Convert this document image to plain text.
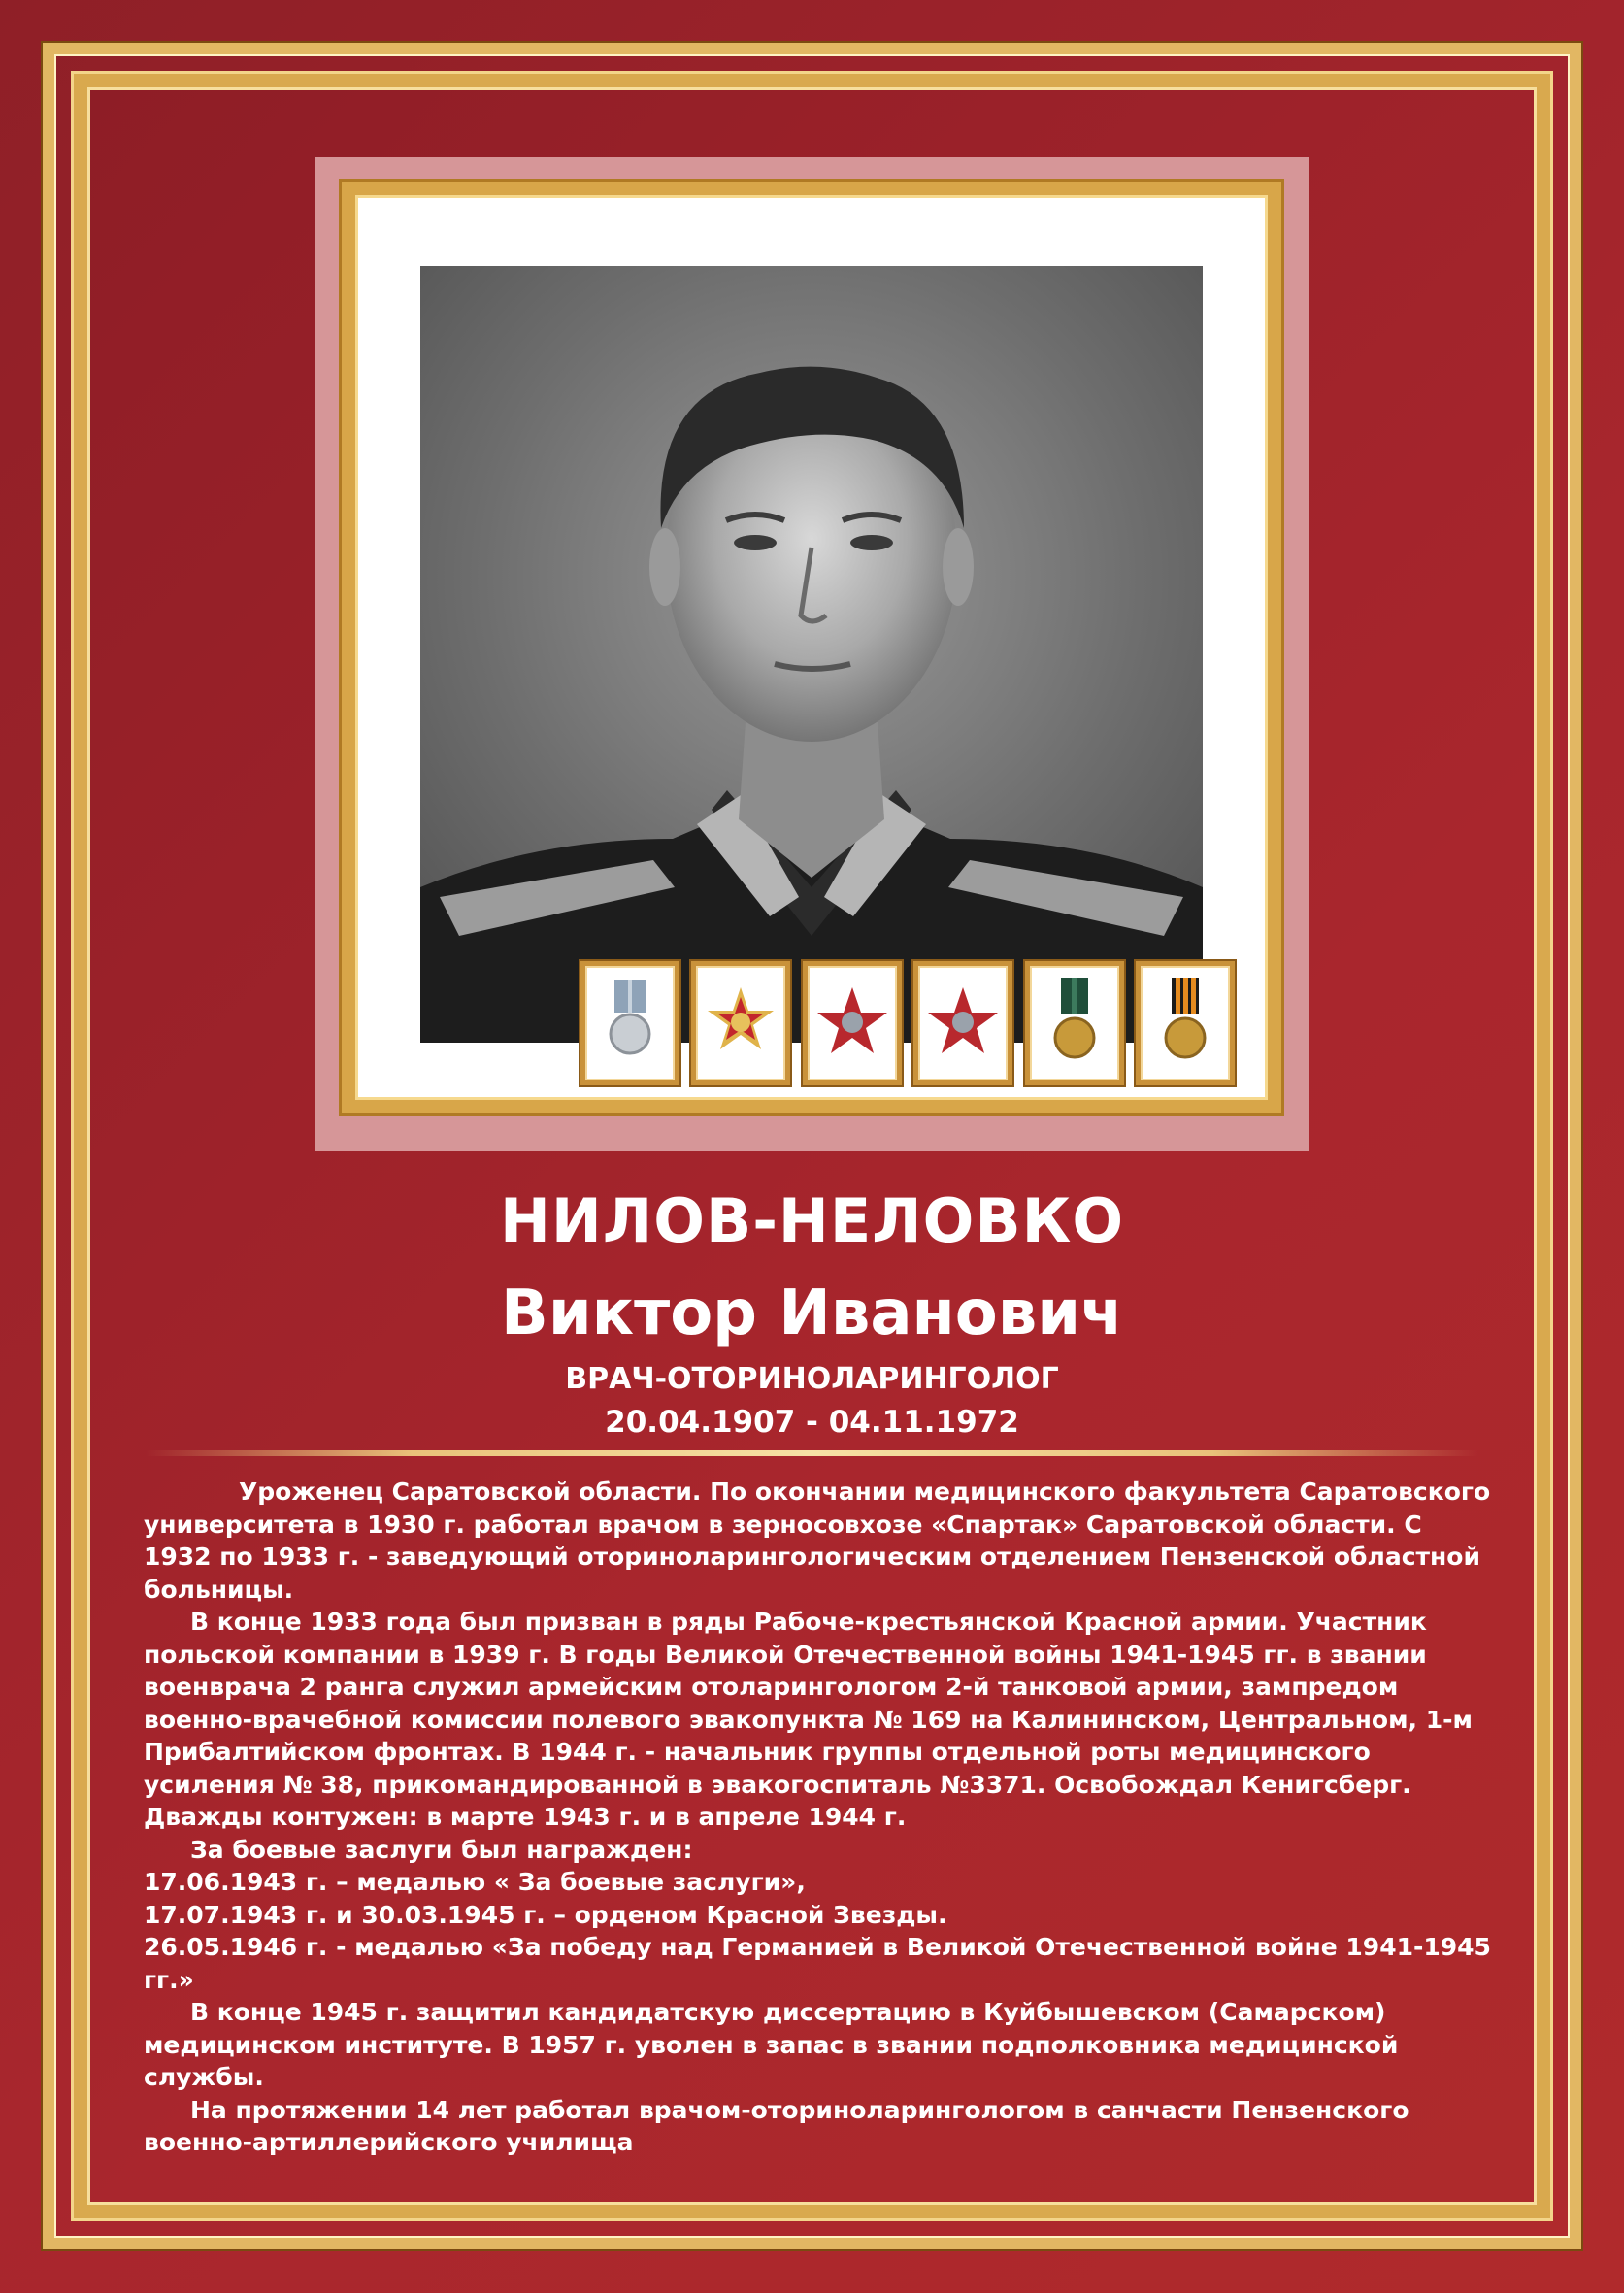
НИЛОВ-НЕЛОВКО
Виктор Иванович
ВРАЧ-ОТОРИНОЛАРИНГОЛОГ
20.04.1907 - 04.11.1972

Уроженец Саратовской области. По окончании медицинского факультета Саратовского университета в 1930 г. работал врачом в зерносовхозе «Спартак» Саратовской области. С 1932 по 1933 г. - заведующий оториноларингологическим отделением Пензенской областной больницы.

В конце 1933 года был призван в ряды Рабоче-крестьянской Красной армии. Участник польской компании в 1939 г. В годы Великой Отечественной войны 1941-1945 гг. в звании военврача 2 ранга служил армейским отоларингологом 2-й танковой армии, зампредом военно-врачебной комиссии полевого эвакопункта № 169 на Калининском, Центральном, 1-м Прибалтийском фронтах. В 1944 г. - начальник группы отдельной роты медицинского усиления № 38, прикомандированной в эвакогоспиталь №3371. Освобождал Кенигсберг. Дважды контужен: в марте 1943 г. и в апреле 1944 г.

За боевые заслуги был награжден:

17.06.1943 г. – медалью « За боевые заслуги»,

17.07.1943 г. и 30.03.1945 г. – орденом Красной Звезды.

26.05.1946 г. - медалью «За победу над Германией в Великой Отечественной войне 1941-1945 гг.»

В конце 1945 г. защитил кандидатскую диссертацию в Куйбышевском (Самарском) медицинском институте. В 1957 г. уволен в запас в звании подполковника медицинской службы.

На протяжении 14 лет работал врачом-оториноларингологом в санчасти Пензенского военно-артиллерийского училища
